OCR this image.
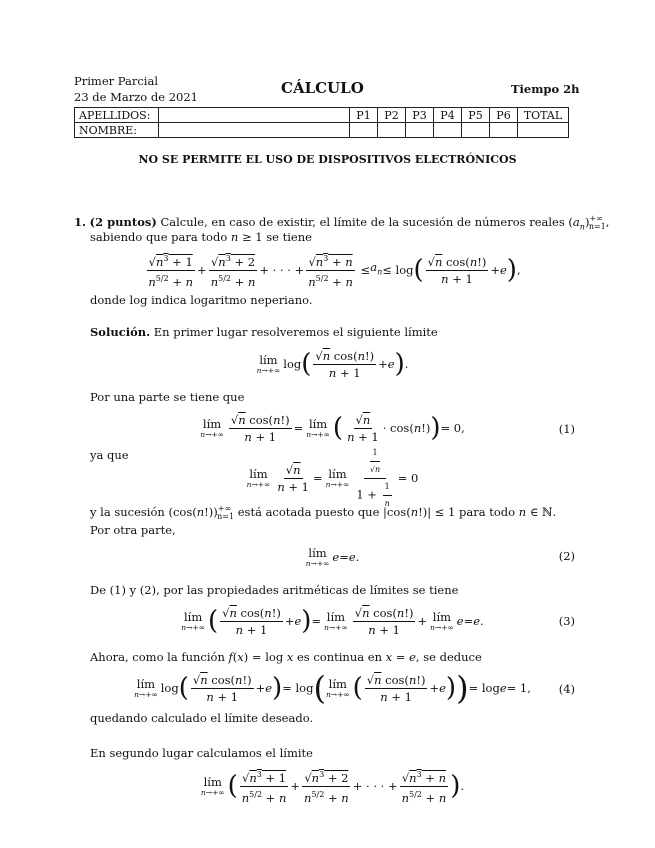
Primer Parcial
23 de Marzo de 2021	CÁLCULO	Tiempo 2h
APELLIDOS:		P1	P2	P3	P4	P5	P6	TOTAL
NOMBRE:								
NO SE PERMITE EL USO DE DISPOSITIVOS ELECTRÓNICOS
1. (2 puntos) Calcule, en caso de existir, el límite de la sucesión de números reales $(a_n)^{+\infty}_{n=1}$,
sabiendo que para todo n ≥ 1 se tiene
$\frac{√n^3 + 1}{n^{5/2} + n} + \frac{√n^3 + 2}{n^{5/2} + n}$ + · · · + $\frac{√n^3 + n}{n^{5/2} + n} \le a_n \le \log$ ( $\frac{\text{√n cos(n!)}}{n + 1} + e$ ) ,
donde log indica logaritmo neperiano.
Solución. En primer lugar resolveremos el siguiente límite
lím
n→+∞ log ( $\frac{\text{√n cos(n!)}}{n + 1} + e$ ) .
Por una parte se tiene que
lím
$n\to+\infty \frac{\text{√n cos(n!)}}{n + 1}$ = lím
n→+∞ ( $\frac{√n}{n + 1} \cdot \cos$( n !) ) = 0,	(1)
ya que
lím
$n\to+\infty \frac{√n}{n + 1}$ = lím
$n\to+\infty \frac{\frac{1}{√n}}{1 + \frac{1}{n}} = 0$
y la sucesión $(\cos(n!))^{+\infty}_{n=1}$ está acotada puesto que |cos(n!)| ≤ 1 para todo n ∈ ℕ.
Por otra parte,
lím
n→+∞ e = e .	(2)
De (1) y (2), por las propiedades aritméticas de límites se tiene
lím
n→+∞ ( $\frac{\text{√n cos(n!)}}{n + 1} + e$ ) = lím
$n\to+\infty \frac{\text{√n cos(n!)}}{n + 1}$ + lím
n→+∞ e = e .	(3)
Ahora, como la función f(x) = log x es continua en x = e, se deduce
lím
n→+∞ log ( $\frac{\text{√n cos(n!)}}{n + 1} + e$ ) = log ( lím
n→+∞ ( $\frac{\text{√n cos(n!)}}{n + 1} + e$ ) ) = log e = 1,	(4)
quedando calculado el límite deseado.
En segundo lugar calculamos el límite
lím
n→+∞ ( $\frac{√n^3 + 1}{n^{5/2} + n} + \frac{√n^3 + 2}{n^{5/2} + n}$ + · · · + $\frac{√n^3 + n}{n^{5/2} + n}$ ) .
